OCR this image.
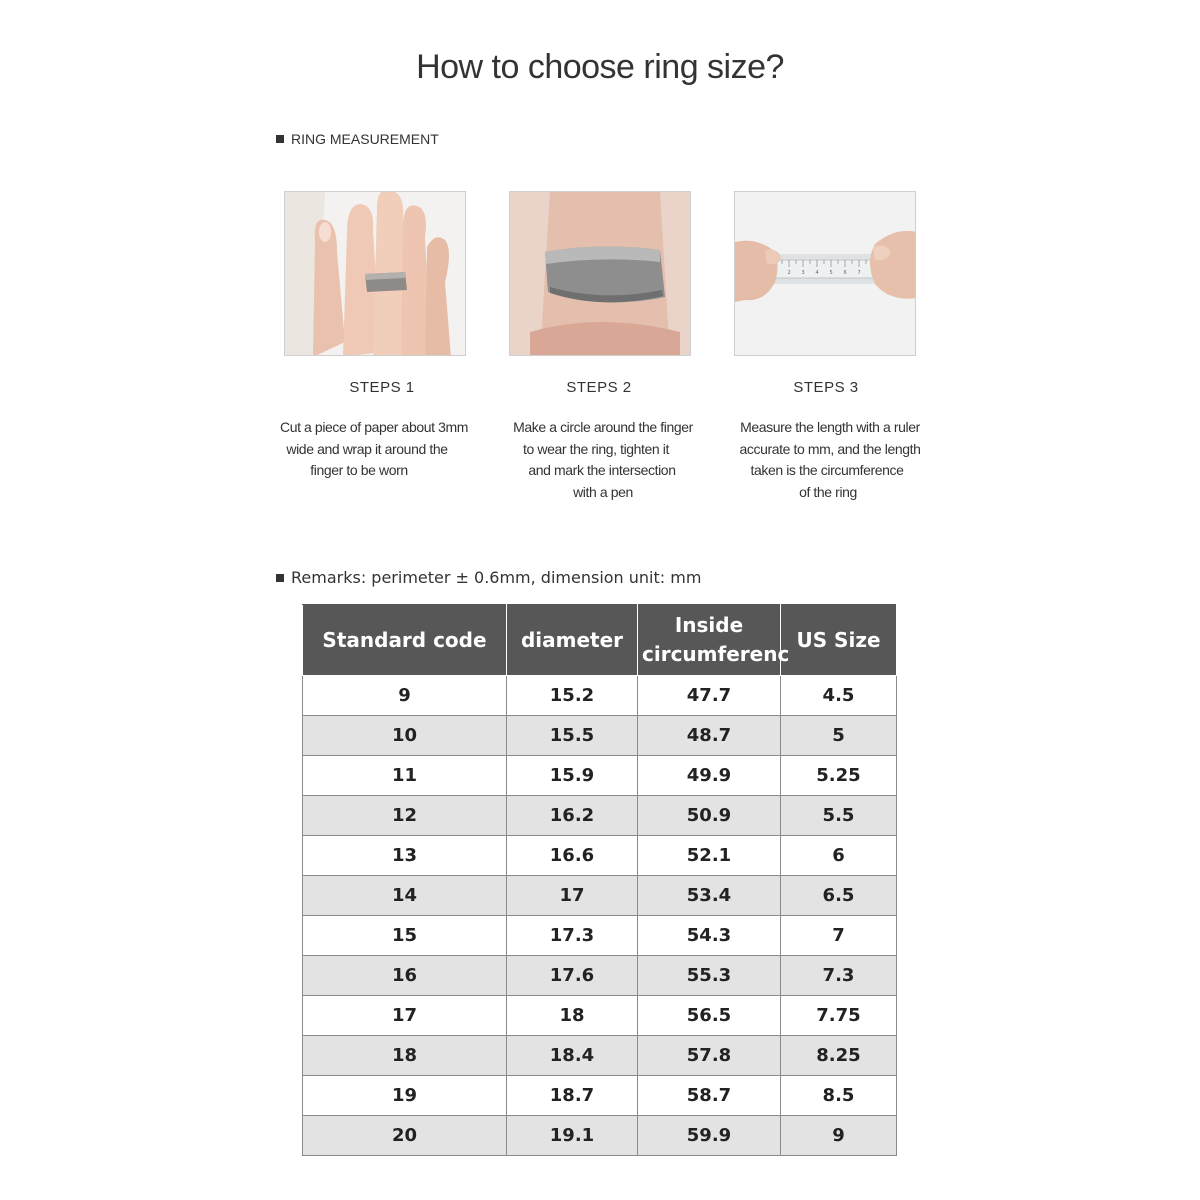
How to choose ring size?
RING MEASUREMENT
2 3 4 5 6 7
STEPS 1	STEPS 2	STEPS 3
Cut a piece of paper about 3mm
wide and wrap it around the
finger to be worn
Make a circle around the finger
to wear the ring, tighten it
and mark the intersection
with a pen
Measure the length with a ruler
accurate to mm, and the length
taken is the circumference
of the ring
Remarks: perimeter ± 0.6mm, dimension unit: mm
Standard code	diameter	Inside circumferenc	US Size
9	15.2	47.7	4.5
10	15.5	48.7	5
11	15.9	49.9	5.25
12	16.2	50.9	5.5
13	16.6	52.1	6
14	17	53.4	6.5
15	17.3	54.3	7
16	17.6	55.3	7.3
17	18	56.5	7.75
18	18.4	57.8	8.25
19	18.7	58.7	8.5
20	19.1	59.9	9
